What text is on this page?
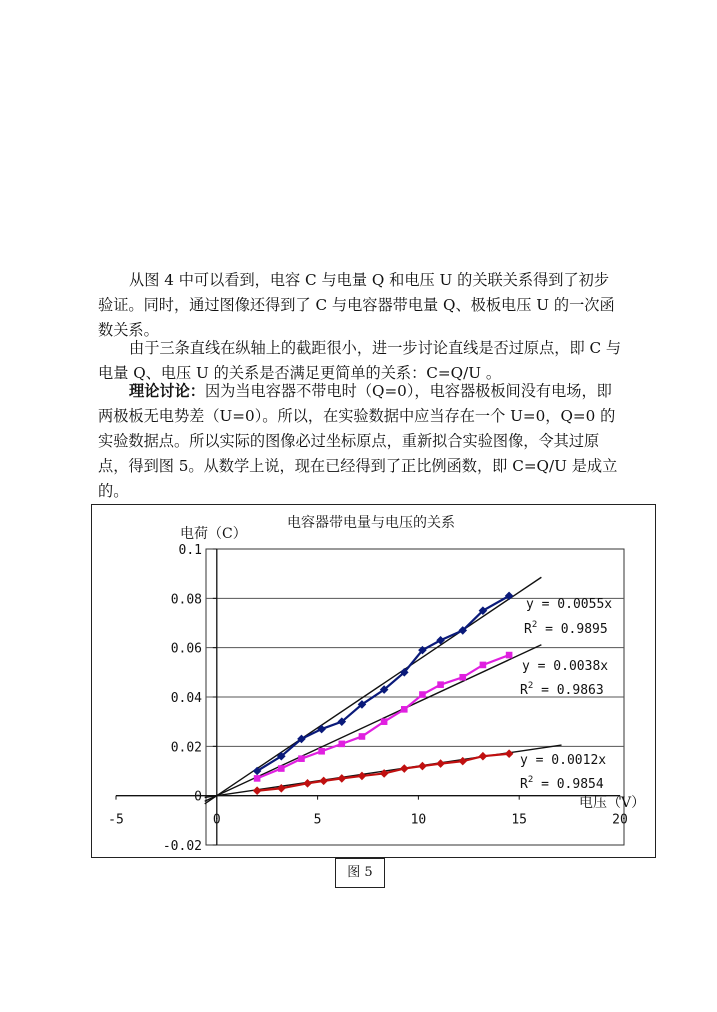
从图 4 中可以看到，电容 C 与电量 Q 和电压 U 的关联关系得到了初步验证。同时，通过图像还得到了 C 与电容器带电量 Q、极板电压 U 的一次函数关系。

由于三条直线在纵轴上的截距很小，进一步讨论直线是否过原点，即 C 与电量 Q、电压 U 的关系是否满足更简单的关系：C=Q/U 。

理论讨论：因为当电容器不带电时（Q=0），电容器极板间没有电场，即两极板无电势差（U=0）。所以，在实验数据中应当存在一个 U=0，Q=0 的实验数据点。所以实际的图像必过坐标原点，重新拟合实验图像，令其过原点，得到图 5。从数学上说，现在已经得到了正比例函数，即 C=Q/U 是成立的。

-0.02
0
0.02
0.04
0.06
0.08
0.1
-5	0	5	10	15	20
y = 0.0055x
$R^2 = 0.9895$
y = 0.0038x
$R^2 = 0.9863$
y = 0.0012x
$R^2 = 0.9854$
电容器带电量与电压的关系
电荷（C）
电压（V）
图 5
